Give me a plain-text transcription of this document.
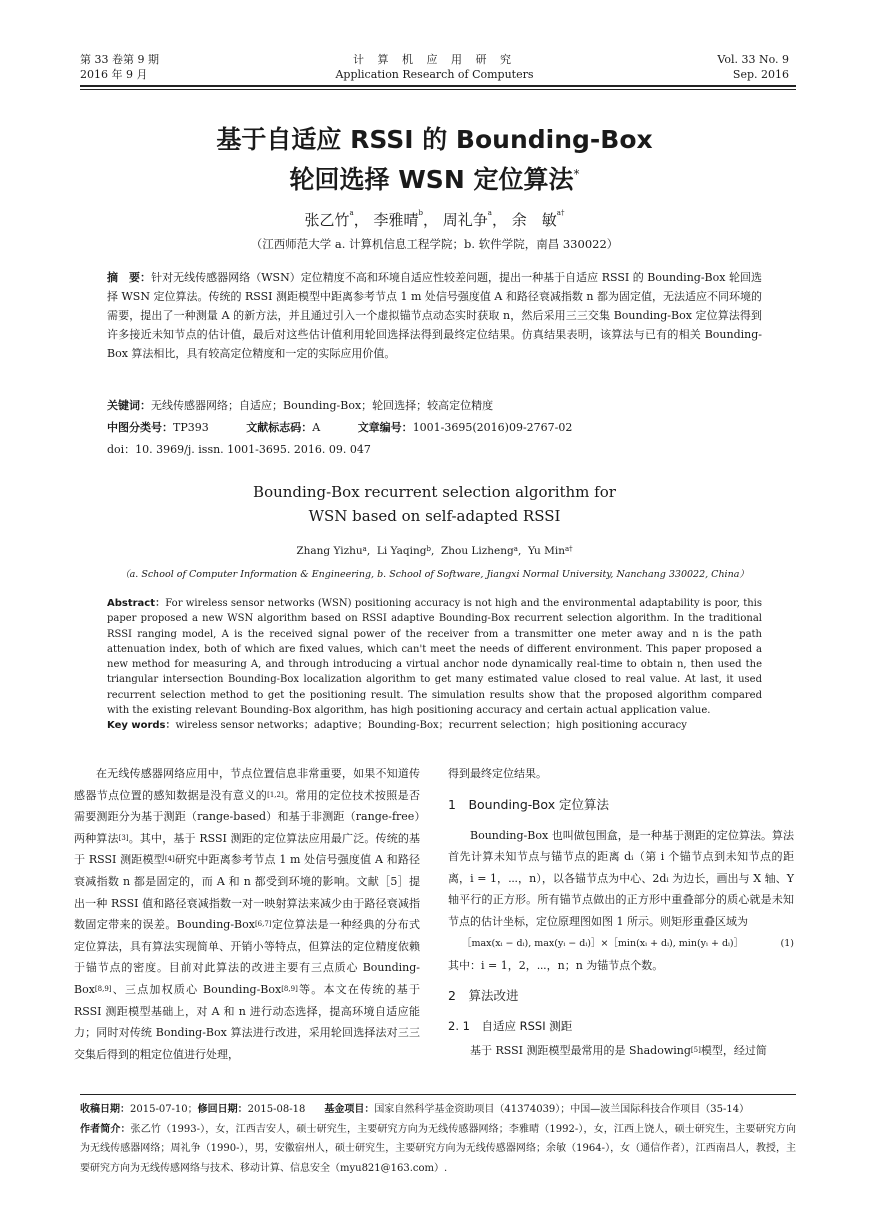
第 33 卷第 9 期
2016 年 9 月
计 算 机 应 用 研 究
Application Research of Computers
Vol. 33 No. 9
Sep. 2016
基于自适应 RSSI 的 Bounding-Box
轮回选择 WSN 定位算法*
张乙竹$^a$， 李雅晴$^b$， 周礼争$^a$， 余　敏$^{a\dagger}$
（江西师范大学 a. 计算机信息工程学院；b. 软件学院，南昌 330022）
摘　要：针对无线传感器网络（WSN）定位精度不高和环境自适应性较差问题，提出一种基于自适应 RSSI 的 Bounding-Box 轮回选择 WSN 定位算法。传统的 RSSI 测距模型中距离参考节点 1 m 处信号强度值 A 和路径衰减指数 n 都为固定值，无法适应不同环境的需要，提出了一种测量 A 的新方法，并且通过引入一个虚拟锚节点动态实时获取 n，然后采用三三交集 Bounding-Box 定位算法得到许多接近未知节点的估计值，最后对这些估计值利用轮回选择法得到最终定位结果。仿真结果表明，该算法与已有的相关 Bounding-Box 算法相比，具有较高定位精度和一定的实际应用价值。
关键词：无线传感器网络；自适应；Bounding-Box；轮回选择；较高定位精度
中图分类号：TP393	文献标志码：A	文章编号：1001-3695(2016)09-2767-02
doi：10. 3969/j. issn. 1001-3695. 2016. 09. 047
Bounding-Box recurrent selection algorithm for
WSN based on self-adapted RSSI
Zhang Yizhu$^a$,  Li Yaqing$^b$,  Zhou Lizheng$^a$,  Yu Min$^{a\dagger}$
（a. School of Computer Information & Engineering, b. School of Software, Jiangxi Normal University, Nanchang 330022, China）
Abstract：For wireless sensor networks (WSN) positioning accuracy is not high and the environmental adaptability is poor, this paper proposed a new WSN algorithm based on RSSI adaptive Bounding-Box recurrent selection algorithm. In the traditional RSSI ranging model, A is the received signal power of the receiver from a transmitter one meter away and n is the path attenuation index, both of which are fixed values, which can't meet the needs of different environment. This paper proposed a new method for measuring A, and through introducing a virtual anchor node dynamically real-time to obtain n, then used the triangular intersection Bounding-Box localization algorithm to get many estimated value closed to real value. At last, it used recurrent selection method to get the positioning result. The simulation results show that the proposed algorithm compared with the existing relevant Bounding-Box algorithm, has high positioning accuracy and certain actual application value.
Key words：wireless sensor networks；adaptive；Bounding-Box；recurrent selection；high positioning accuracy

在无线传感器网络应用中，节点位置信息非常重要，如果不知道传感器节点位置的感知数据是没有意义的[1,2]。常用的定位技术按照是否需要测距分为基于测距（range-based）和基于非测距（range-free）两种算法[3]。其中，基于 RSSI 测距的定位算法应用最广泛。传统的基于 RSSI 测距模型[4]研究中距离参考节点 1 m 处信号强度值 A 和路径衰减指数 n 都是固定的，而 A 和 n 都受到环境的影响。文献［5］提出一种 RSSI 值和路径衰减指数一对一映射算法来减少由于路径衰减指数固定带来的误差。Bounding-Box[6,7]定位算法是一种经典的分布式定位算法，具有算法实现简单、开销小等特点，但算法的定位精度依赖于锚节点的密度。目前对此算法的改进主要有三点质心 Bounding-Box[8,9]、三点加权质心 Bounding-Box[8,9]等。本文在传统的基于 RSSI 测距模型基础上，对 A 和 n 进行动态选择，提高环境自适应能力；同时对传统 Bonding-Box 算法进行改进，采用轮回选择法对三三交集后得到的粗定位值进行处理，

得到最终定位结果。

1　Bounding-Box 定位算法

Bounding-Box 也叫做包围盒，是一种基于测距的定位算法。算法首先计算未知节点与锚节点的距离 dᵢ（第 i 个锚节点到未知节点的距离，i = 1，⋯，n），以各锚节点为中心、2dᵢ 为边长，画出与 X 轴、Y 轴平行的正方形。所有锚节点做出的正方形中重叠部分的质心就是未知节点的估计坐标，定位原理图如图 1 所示。则矩形重叠区域为

［max(xᵢ − dᵢ), max(yᵢ − dᵢ)］×［min(xᵢ + dᵢ), min(yᵢ + dᵢ)］	(1)

其中：i = 1，2，⋯，n；n 为锚节点个数。

2　算法改进
2. 1　自适应 RSSI 测距

基于 RSSI 测距模型最常用的是 Shadowing[5]模型，经过简

收稿日期：2015-07-10；修回日期：2015-08-18 基金项目：国家自然科学基金资助项目（41374039）；中国—波兰国际科技合作项目（35-14）
作者简介：张乙竹（1993-），女，江西吉安人，硕士研究生，主要研究方向为无线传感器网络；李雅晴（1992-），女，江西上饶人，硕士研究生，主要研究方向为无线传感器网络；周礼争（1990-），男，安徽宿州人，硕士研究生，主要研究方向为无线传感器网络；余敏（1964-），女（通信作者），江西南昌人，教授，主要研究方向为无线传感网络与技术、移动计算、信息安全（myu821@163.com）.
